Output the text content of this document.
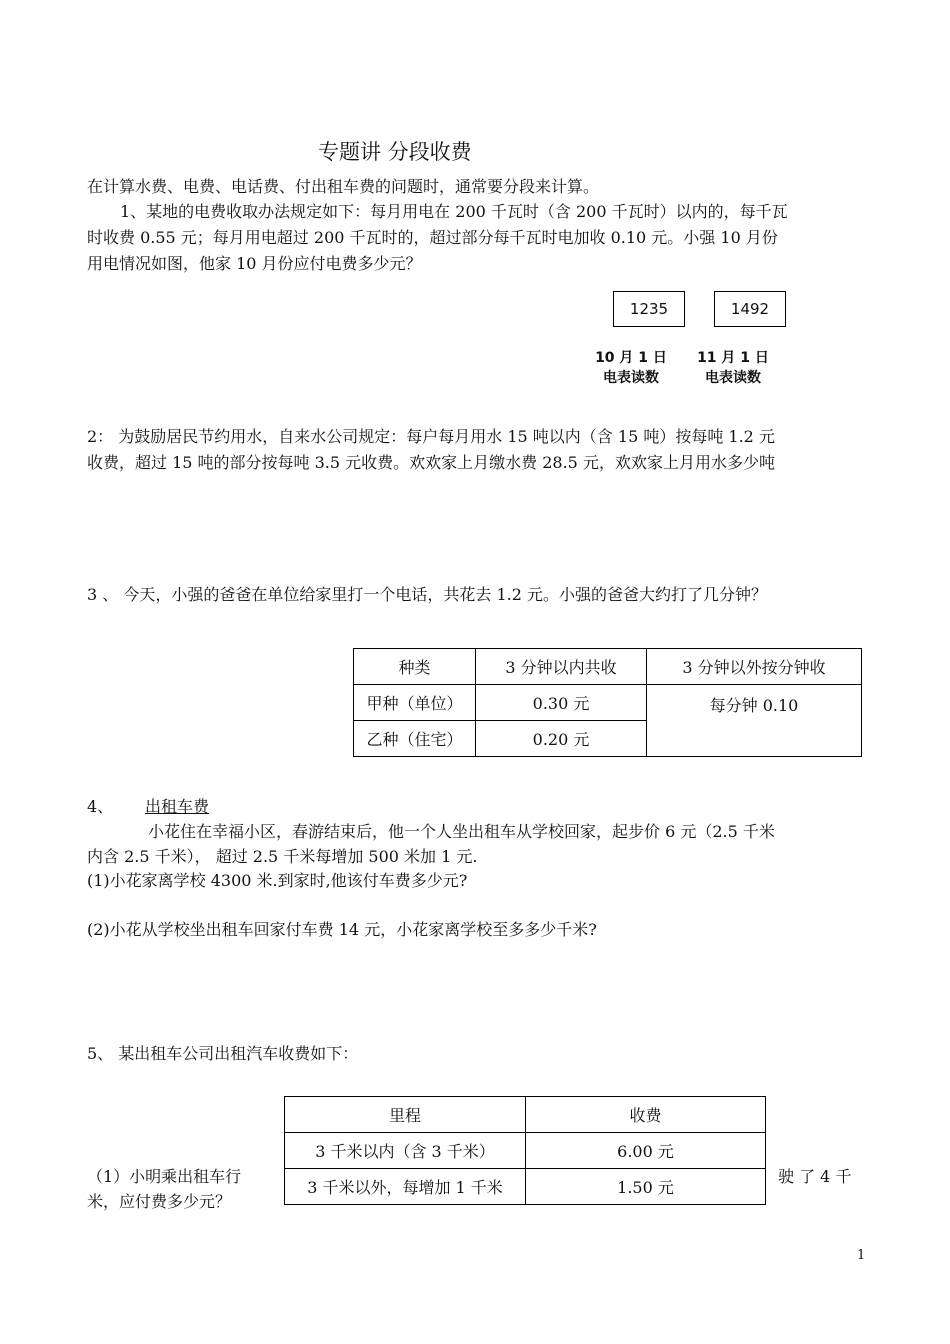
专题讲 分段收费
在计算水费、电费、电话费、付出租车费的问题时，通常要分段来计算。
1、某地的电费收取办法规定如下：每月用电在 200 千瓦时（含 200 千瓦时）以内的，每千瓦
时收费 0.55 元；每月用电超过 200 千瓦时的，超过部分每千瓦时电加收 0.10 元。小强 10 月份
用电情况如图，他家 10 月份应付电费多少元？
1235	1492
10 月 1 日
电表读数
11 月 1 日
电表读数
2： 为鼓励居民节约用水，自来水公司规定：每户每月用水 15 吨以内（含 15 吨）按每吨 1.2 元
收费，超过 15 吨的部分按每吨 3.5 元收费。欢欢家上月缴水费 28.5 元，欢欢家上月用水多少吨
3 、 今天，小强的爸爸在单位给家里打一个电话，共花去 1.2 元。小强的爸爸大约打了几分钟？
种类	3 分钟以内共收	3 分钟以外按分钟收
甲种（单位）	0.30 元	每分钟 0.10
乙种（住宅）	0.20 元	
4、	出租车费
小花住在幸福小区，春游结束后，他一个人坐出租车从学校回家，起步价 6 元（2.5 千米
内含 2.5 千米）， 超过 2.5 千米每增加 500 米加 1 元.
(1)小花家离学校 4300 米.到家时,他该付车费多少元?
(2)小花从学校坐出租车回家付车费 14 元，小花家离学校至多多少千米?
5、 某出租车公司出租汽车收费如下：
里程	收费
3 千米以内（含 3 千米）	6.00 元
3 千米以外，每增加 1 千米	1.50 元
（1）小明乘出租车行	驶 了 4 千
米，应付费多少元？
1
